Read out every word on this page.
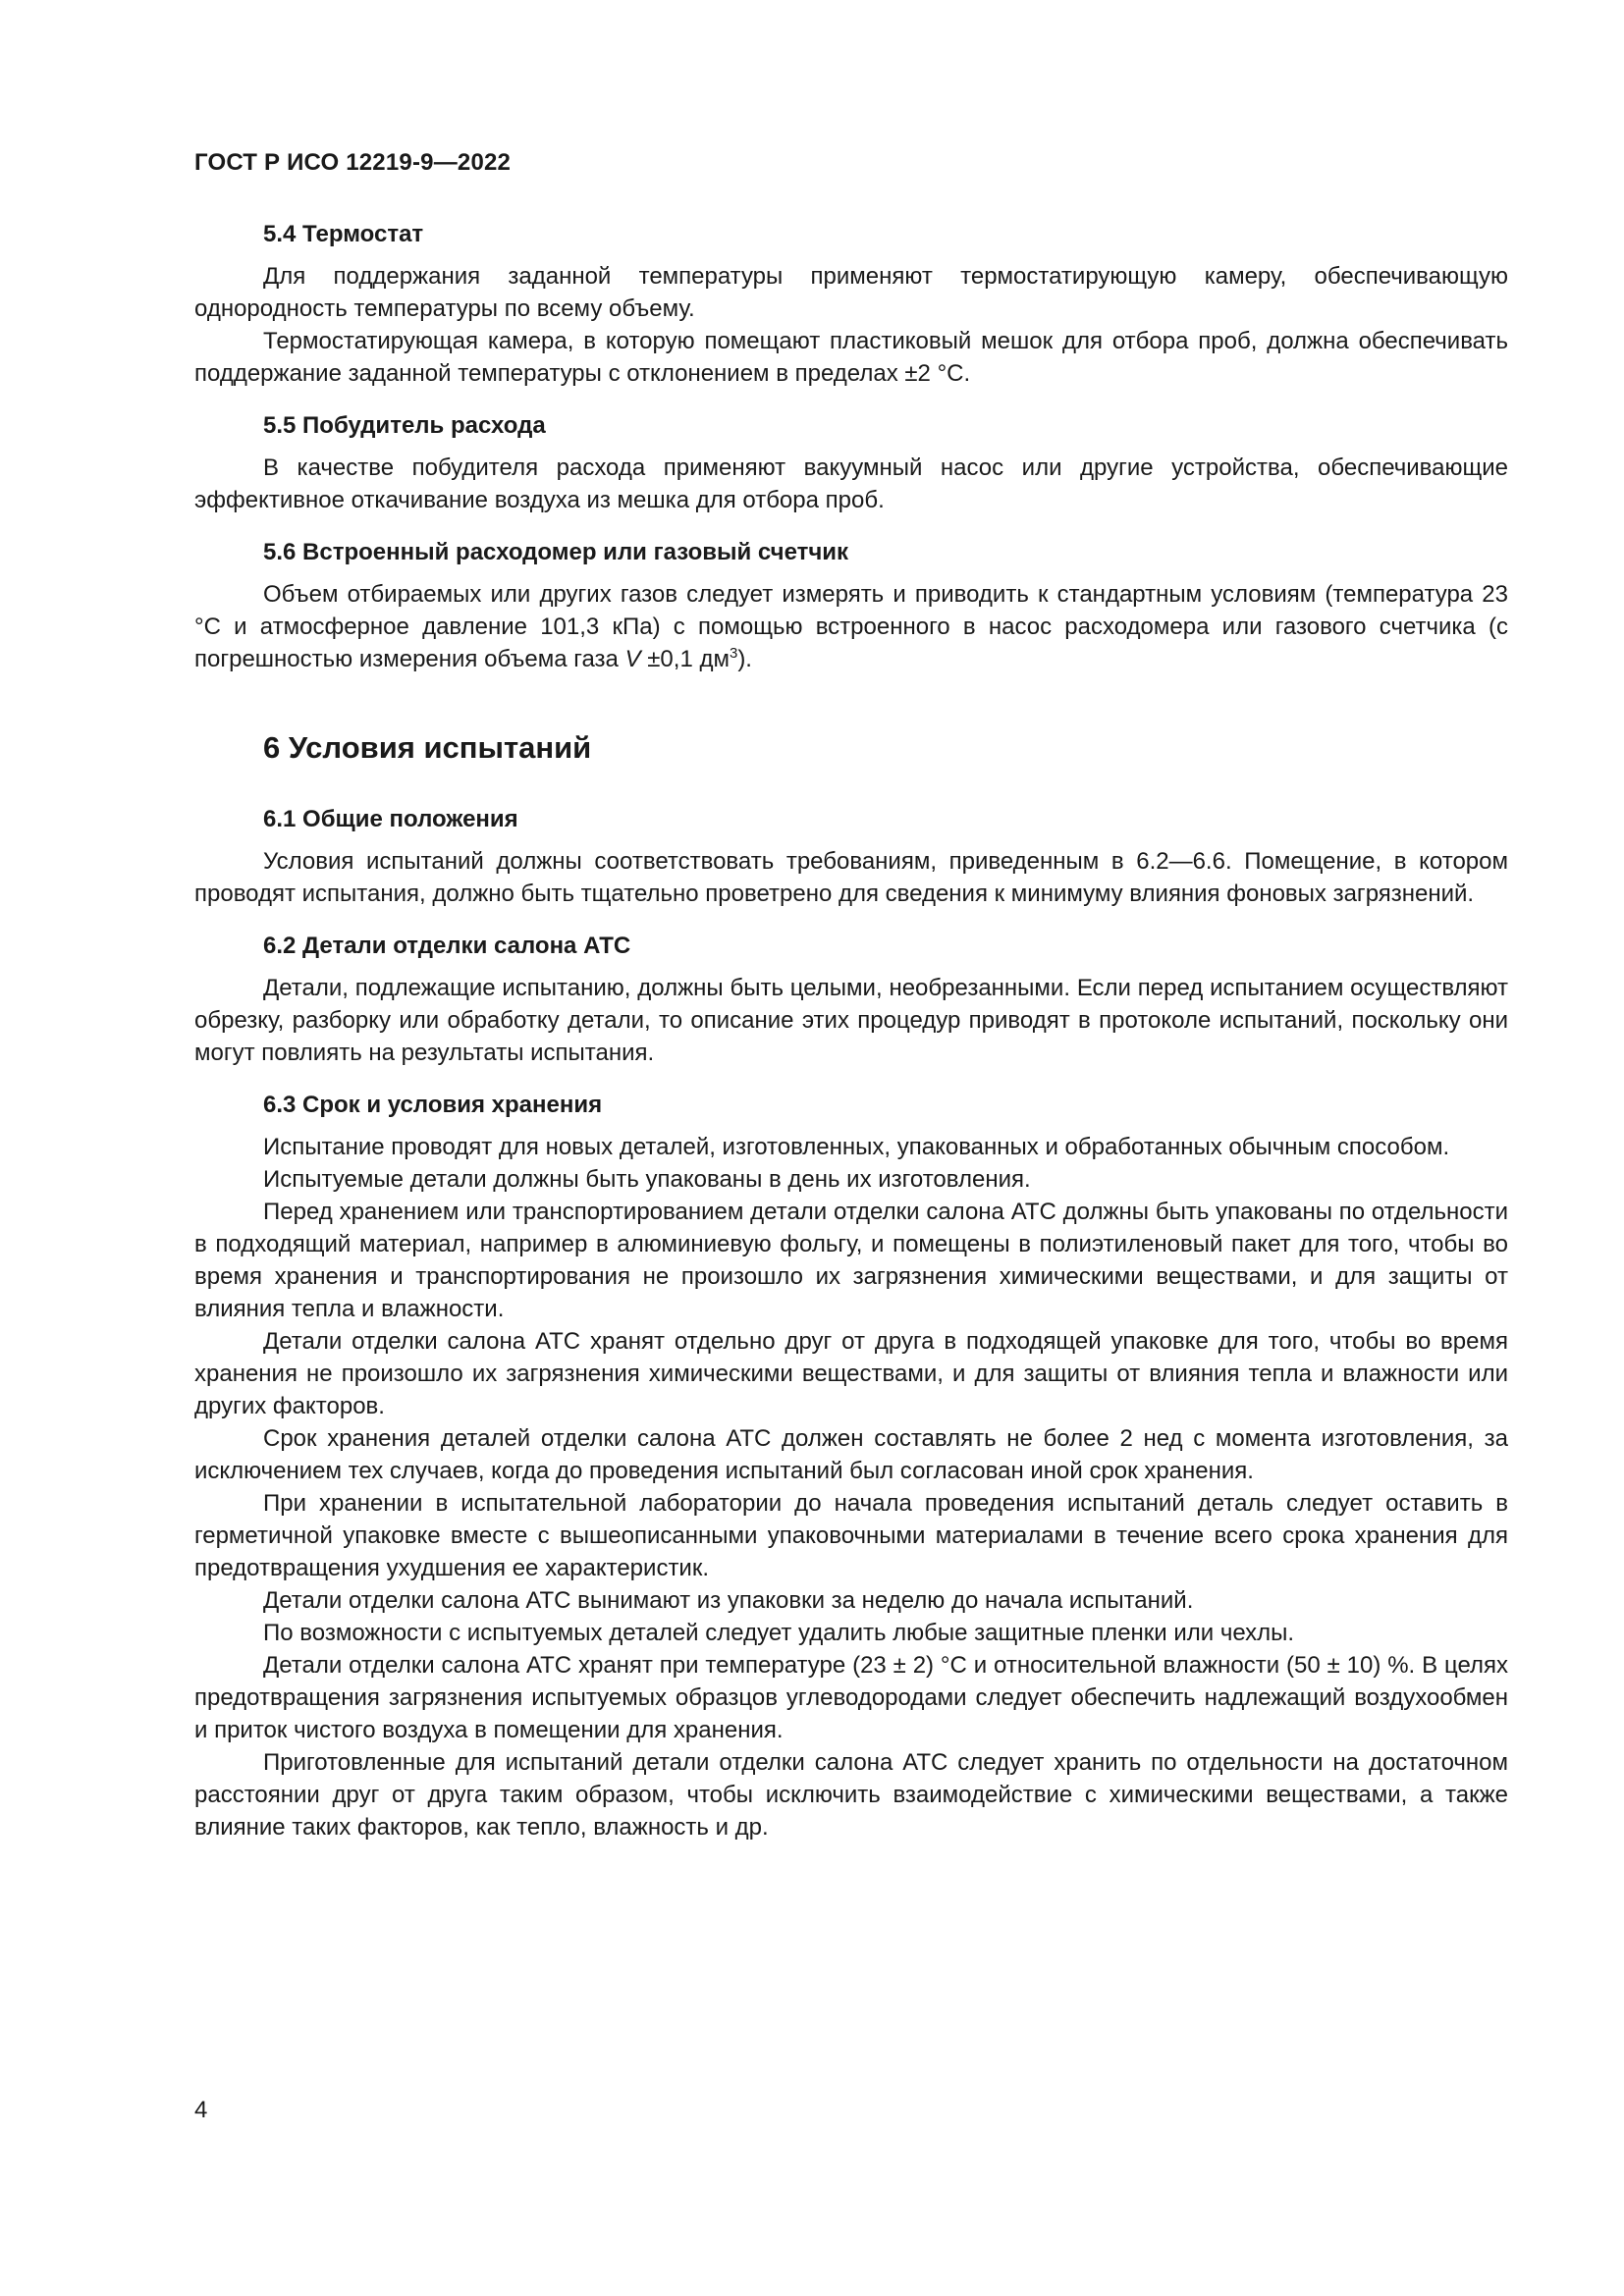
ГОСТ Р ИСО 12219-9—2022
5.4 Термостат

Для поддержания заданной температуры применяют термостатирующую камеру, обеспечивающую однородность температуры по всему объему.

Термостатирующая камера, в которую помещают пластиковый мешок для отбора проб, должна обеспечивать поддержание заданной температуры с отклонением в пределах ±2 °C.

5.5 Побудитель расхода

В качестве побудителя расхода применяют вакуумный насос или другие устройства, обеспечивающие эффективное откачивание воздуха из мешка для отбора проб.

5.6 Встроенный расходомер или газовый счетчик

Объем отбираемых или других газов следует измерять и приводить к стандартным условиям (температура 23 °C и атмосферное давление 101,3 кПа) с помощью встроенного в насос расходомера или газового счетчика (с погрешностью измерения объема газа V ±0,1 $дм^3$).

6 Условия испытаний
6.1 Общие положения

Условия испытаний должны соответствовать требованиям, приведенным в 6.2—6.6. Помещение, в котором проводят испытания, должно быть тщательно проветрено для сведения к минимуму влияния фоновых загрязнений.

6.2 Детали отделки салона АТС

Детали, подлежащие испытанию, должны быть целыми, необрезанными. Если перед испытанием осуществляют обрезку, разборку или обработку детали, то описание этих процедур приводят в протоколе испытаний, поскольку они могут повлиять на результаты испытания.

6.3 Срок и условия хранения

Испытание проводят для новых деталей, изготовленных, упакованных и обработанных обычным способом.

Испытуемые детали должны быть упакованы в день их изготовления.

Перед хранением или транспортированием детали отделки салона АТС должны быть упакованы по отдельности в подходящий материал, например в алюминиевую фольгу, и помещены в полиэтиленовый пакет для того, чтобы во время хранения и транспортирования не произошло их загрязнения химическими веществами, и для защиты от влияния тепла и влажности.

Детали отделки салона АТС хранят отдельно друг от друга в подходящей упаковке для того, чтобы во время хранения не произошло их загрязнения химическими веществами, и для защиты от влияния тепла и влажности или других факторов.

Срок хранения деталей отделки салона АТС должен составлять не более 2 нед с момента изготовления, за исключением тех случаев, когда до проведения испытаний был согласован иной срок хранения.

При хранении в испытательной лаборатории до начала проведения испытаний деталь следует оставить в герметичной упаковке вместе с вышеописанными упаковочными материалами в течение всего срока хранения для предотвращения ухудшения ее характеристик.

Детали отделки салона АТС вынимают из упаковки за неделю до начала испытаний.

По возможности с испытуемых деталей следует удалить любые защитные пленки или чехлы.

Детали отделки салона АТС хранят при температуре (23 ± 2) °C и относительной влажности (50 ± 10) %. В целях предотвращения загрязнения испытуемых образцов углеводородами следует обеспечить надлежащий воздухообмен и приток чистого воздуха в помещении для хранения.

Приготовленные для испытаний детали отделки салона АТС следует хранить по отдельности на достаточном расстоянии друг от друга таким образом, чтобы исключить взаимодействие с химическими веществами, а также влияние таких факторов, как тепло, влажность и др.

4
